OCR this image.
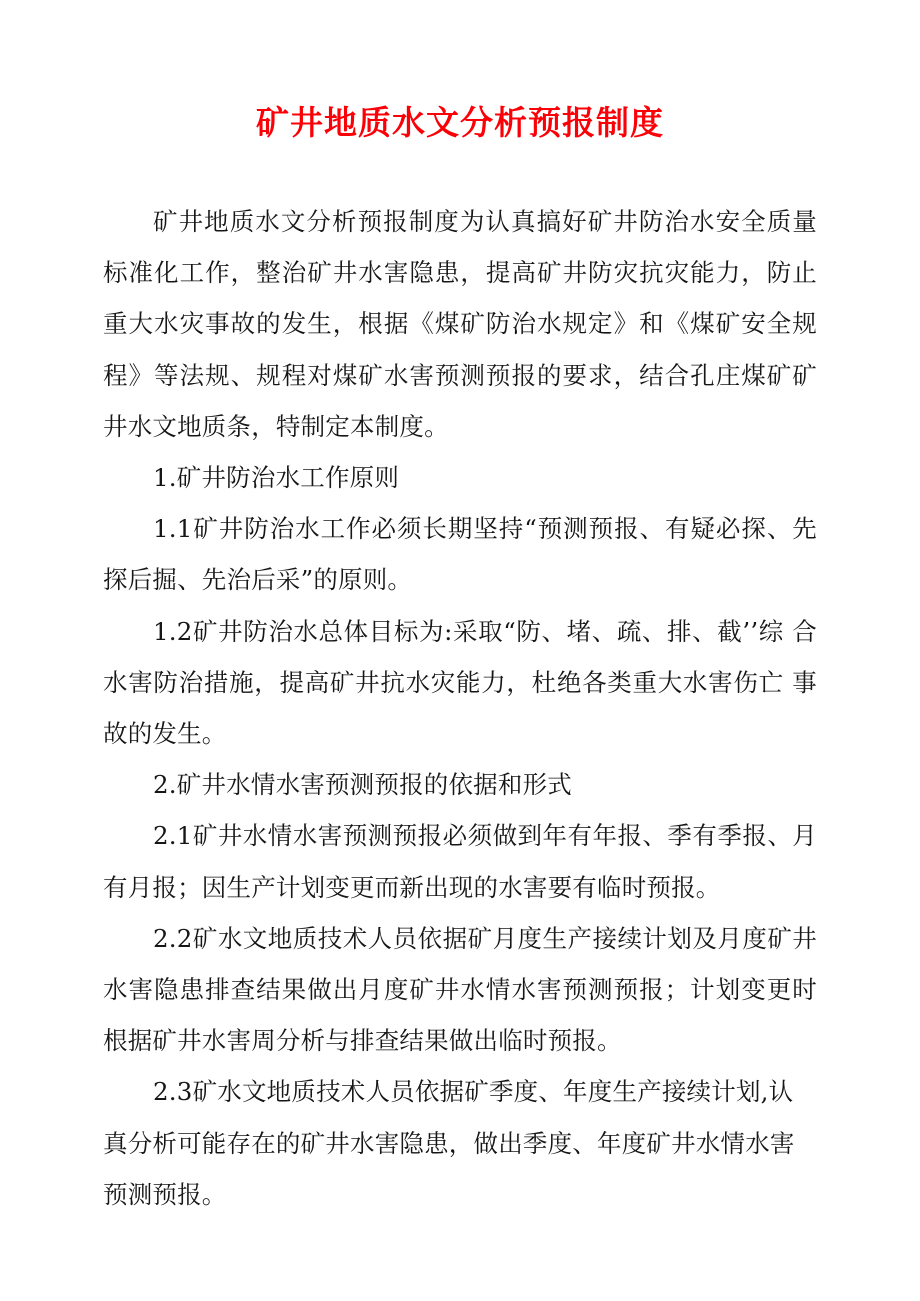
矿井地质水文分析预报制度

矿井地质水文分析预报制度为认真搞好矿井防治水安全质量 标准化工作，整治矿井水害隐患，提高矿井防灾抗灾能力，防止 重大水灾事故的发生，根据《煤矿防治水规定》和《煤矿安全规 程》等法规、规程对煤矿水害预测预报的要求，结合孔庄煤矿矿 井水文地质条，特制定本制度。

1.矿井防治水工作原则

1.1矿井防治水工作必须长期坚持“预测预报、有疑必探、先探后掘、先治后采”的原则。

1.2矿井防治水总体目标为:采取“防、堵、疏、排、截’’综 合水害防治措施，提高矿井抗水灾能力，杜绝各类重大水害伤亡 事故的发生。

2.矿井水情水害预测预报的依据和形式

2.1矿井水情水害预测预报必须做到年有年报、季有季报、月 有月报；因生产计划变更而新出现的水害要有临时预报。

2.2矿水文地质技术人员依据矿月度生产接续计划及月度矿井水害隐患排查结果做出月度矿井水情水害预测预报；计划变更时 根据矿井水害周分析与排查结果做出临时预报。

2.3矿水文地质技术人员依据矿季度、年度生产接续计划,认 真分析可能存在的矿井水害隐患，做出季度、年度矿井水情水害 预测预报。
